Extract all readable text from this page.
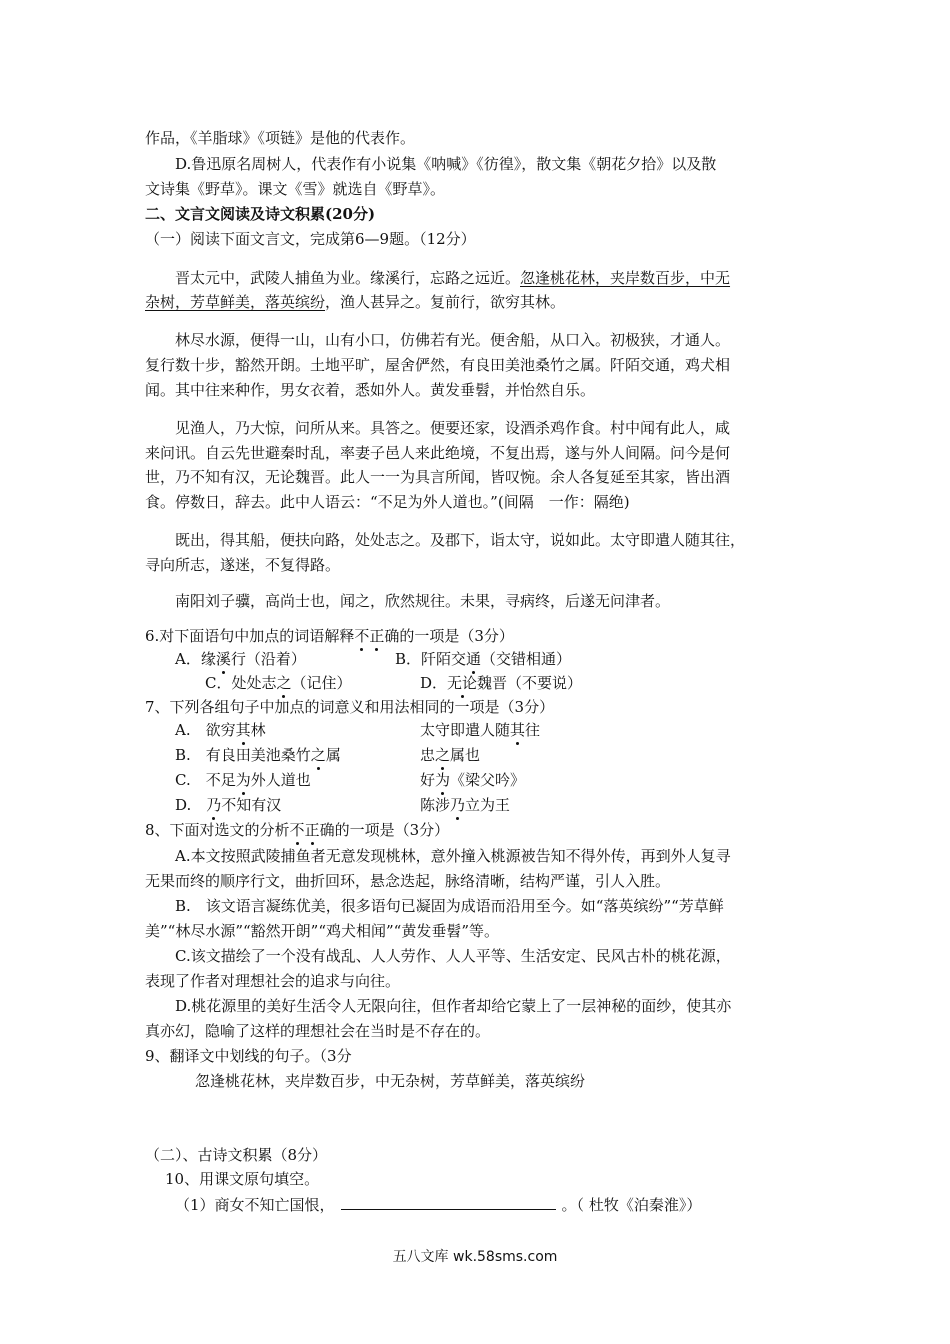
作品，《羊脂球》《项链》是他的代表作。
D.鲁迅原名周树人，代表作有小说集《呐喊》《彷徨》，散文集《朝花夕拾》以及散
文诗集《野草》。课文《雪》就选自《野草》。
二、文言文阅读及诗文积累(20分)
（一）阅读下面文言文，完成第6—9题。（12分）
晋太元中，武陵人捕鱼为业。缘溪行，忘路之远近。忽逢桃花林，夹岸数百步，中无
杂树，芳草鲜美，落英缤纷，渔人甚异之。复前行，欲穷其林。
林尽水源，便得一山，山有小口，仿佛若有光。便舍船，从口入。初极狭，才通人。
复行数十步，豁然开朗。土地平旷，屋舍俨然，有良田美池桑竹之属。阡陌交通，鸡犬相
闻。其中往来种作，男女衣着，悉如外人。黄发垂髫，并怡然自乐。
见渔人，乃大惊，问所从来。具答之。便要还家，设酒杀鸡作食。村中闻有此人，咸
来问讯。自云先世避秦时乱，率妻子邑人来此绝境，不复出焉，遂与外人间隔。问今是何
世，乃不知有汉，无论魏晋。此人一一为具言所闻，皆叹惋。余人各复延至其家，皆出酒
食。停数日，辞去。此中人语云：“不足为外人道也。”(间隔　一作：隔绝)
既出，得其船，便扶向路，处处志之。及郡下，诣太守，说如此。太守即遣人随其往，
寻向所志，遂迷，不复得路。
南阳刘子骥，高尚士也，闻之，欣然规往。未果，寻病终，后遂无问津者。
6.对下面语句中加点的词语解释不正确的一项是（3分）
A．缘溪行（沿着）	B．阡陌交通（交错相通）
C．处处志之（记住）	D．无论魏晋（不要说）
7、下列各组句子中加点的词意义和用法相同的一项是（3分）
A.　欲穷其林	太守即遣人随其往
B.　有良田美池桑竹之属	忠之属也
C.　不足为外人道也	好为《梁父吟》
D.　乃不知有汉	陈涉乃立为王
8、下面对选文的分析不正确的一项是（3分）
A.本文按照武陵捕鱼者无意发现桃林，意外撞入桃源被告知不得外传，再到外人复寻
无果而终的顺序行文，曲折回环，悬念迭起，脉络清晰，结构严谨，引人入胜。
B.　该文语言凝练优美，很多语句已凝固为成语而沿用至今。如“落英缤纷”“芳草鲜
美”“林尽水源”“豁然开朗”“鸡犬相闻”“黄发垂髫”等。
C.该文描绘了一个没有战乱、人人劳作、人人平等、生活安定、民风古朴的桃花源，
表现了作者对理想社会的追求与向往。
D.桃花源里的美好生活令人无限向往，但作者却给它蒙上了一层神秘的面纱，使其亦
真亦幻，隐喻了这样的理想社会在当时是不存在的。
9、翻译文中划线的句子。（3分
忽逢桃花林，夹岸数百步，中无杂树，芳草鲜美，落英缤纷
（二）、古诗文积累（8分）
10、用课文原句填空。
（1）商女不知亡国恨，	。（ 杜牧《泊秦淮》）
五八文库 wk.58sms.com
